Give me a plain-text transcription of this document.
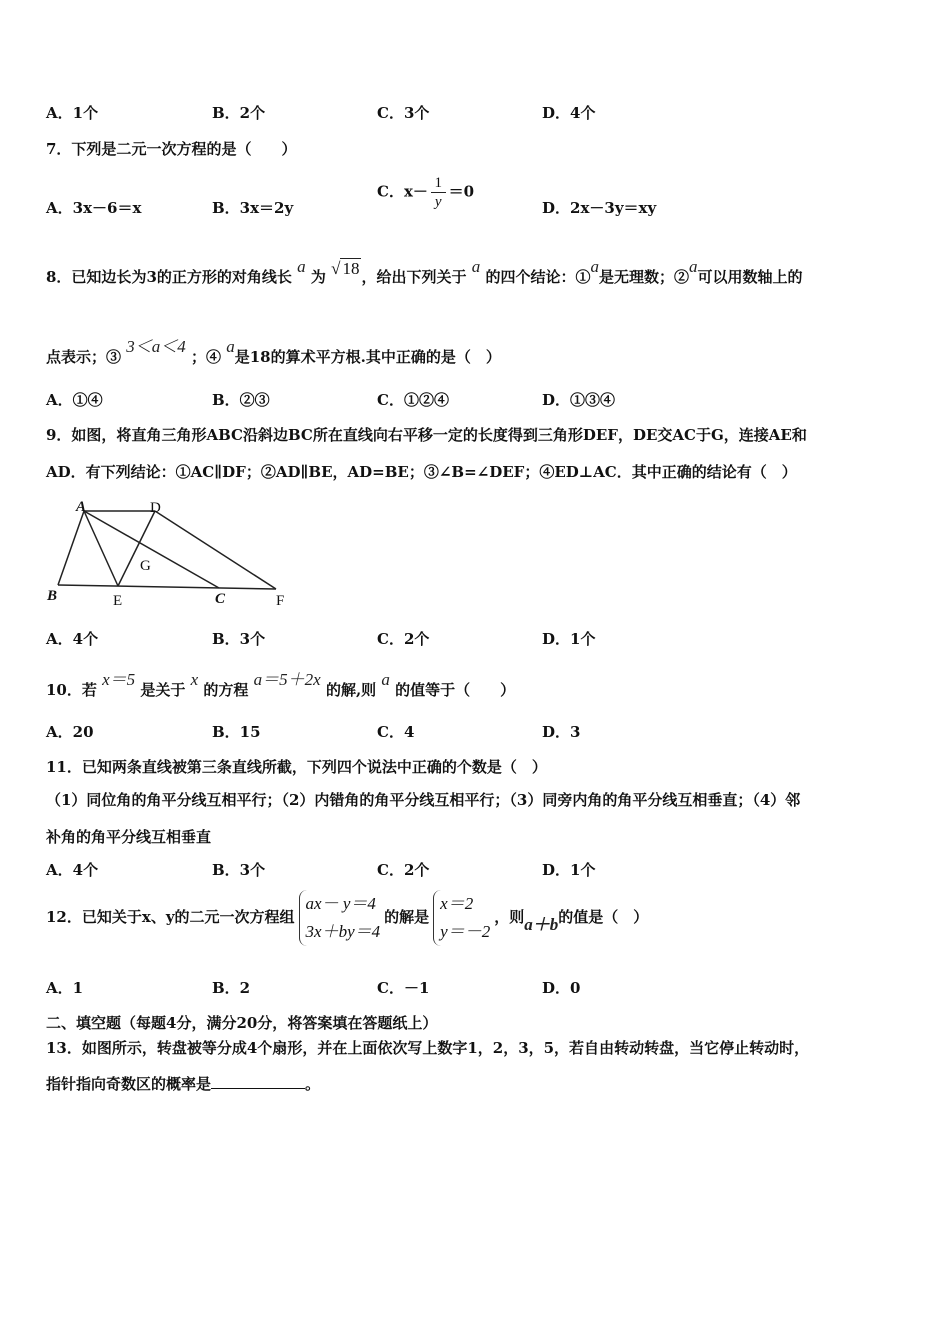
A．1个	B．2个	C．3个	D．4个
7．下列是二元一次方程的是（　　）
A．3x－6＝x	B．3x＝2y
C．$x- \frac{1}{y} =0$
D．2x－3y＝xy
8．已知边长为3的正方形的对角线长 a 为 √ 18 ，给出下列关于 a 的四个结论：①a是无理数；②a可以用数轴上的
点表示；③ 3＜a＜4 ；④ a是18的算术平方根.其中正确的是（　）
A．①④	B．②③	C．①②④	D．①③④
9．如图，将直角三角形ABC沿斜边BC所在直线向右平移一定的长度得到三角形DEF，DE交AC于G，连接AE和
AD．有下列结论：①AC∥DF；②AD∥BE，AD=BE；③∠B=∠DEF；④ED⊥AC．其中正确的结论有（　）
A	D
G
B	E	C	F
A．4个	B．3个	C．2个	D．1个
10．若 x＝5 是关于 x 的方程 a＝5＋2x 的解,则 a 的值等于（　　）
A．20	B．15	C．4	D．3
11．已知两条直线被第三条直线所截，下列四个说法中正确的个数是（　）
（1）同位角的角平分线互相平行；（2）内错角的角平分线互相平行；（3）同旁内角的角平分线互相垂直；（4）邻
补角的角平分线互相垂直
A．4个	B．3个	C．2个	D．1个
12．已知关于x、y的二元一次方程组
ax－ y＝4
3x＋by＝4
的解是
x＝2
y＝－2
，则a＋b的值是（　）
A．1	B．2	C．－1	D．0
二、填空题（每题4分，满分20分，将答案填在答题纸上）
13．如图所示，转盘被等分成4个扇形，并在上面依次写上数字1，2，3，5，若自由转动转盘，当它停止转动时，
指针指向奇数区的概率是	。
